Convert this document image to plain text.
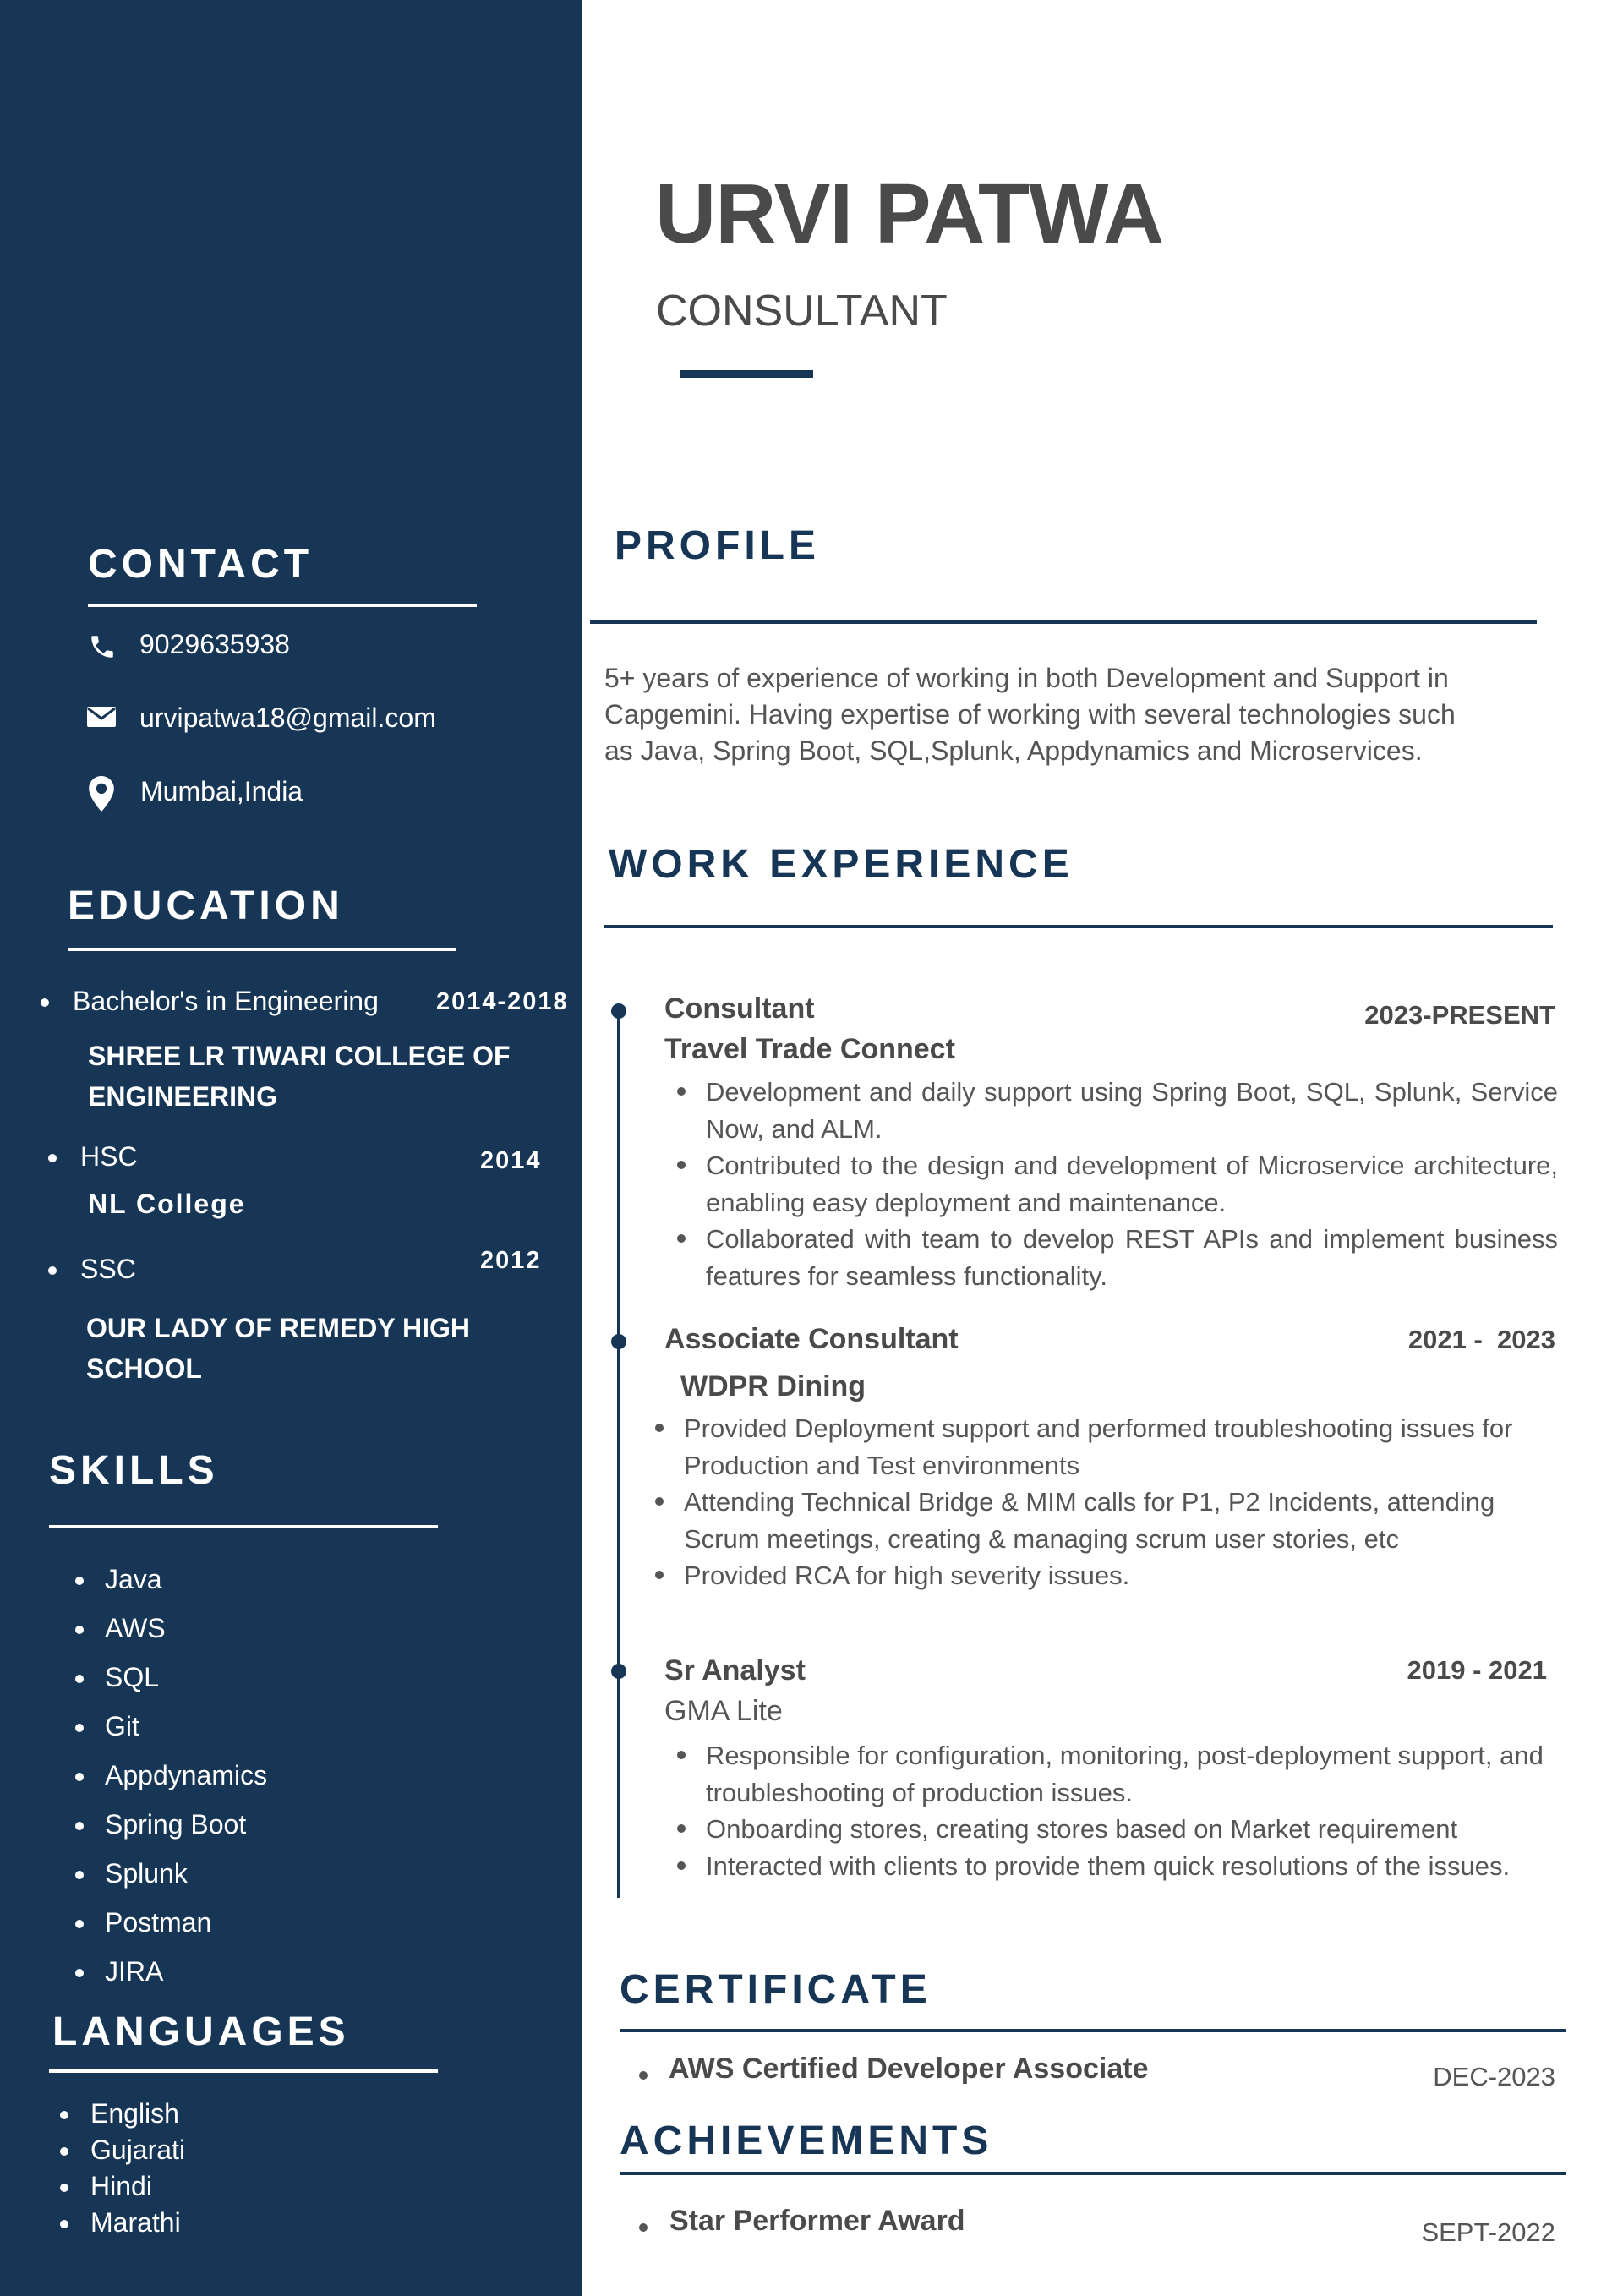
CONTACT
9029635938
urvipatwa18@gmail.com
Mumbai,India
EDUCATION
Bachelor's in Engineering 2014-2018
SHREE LR TIWARI COLLEGE OF
ENGINEERING
HSC	2014
NL College
SSC	2012
OUR LADY OF REMEDY HIGH
SCHOOL
SKILLS
Java
AWS
SQL
Git
Appdynamics
Spring Boot
Splunk
Postman
JIRA
LANGUAGES
English
Gujarati
Hindi
Marathi
URVI PATWA
CONSULTANT
PROFILE
5+ years of experience of working in both Development and Support in
Capgemini. Having expertise of working with several technologies such
as Java, Spring Boot, SQL,Splunk, Appdynamics and Microservices.
WORK EXPERIENCE
Consultant	2023-PRESENT
Travel Trade Connect
Development and daily support using Spring Boot, SQL, Splunk, Service Now, and ALM.
Contributed to the design and development of Microservice architecture, enabling easy deployment and maintenance.
Collaborated with team to develop REST APIs and implement business features for seamless functionality.
Associate Consultant	2021 -  2023
WDPR Dining
Provided Deployment support and performed troubleshooting issues for Production and Test environments
Attending Technical Bridge & MIM calls for P1, P2 Incidents, attending Scrum meetings, creating & managing scrum user stories, etc
Provided RCA for high severity issues.
Sr Analyst	2019 - 2021
GMA Lite
Responsible for configuration, monitoring, post-deployment support, and troubleshooting of production issues.
Onboarding stores, creating stores based on Market requirement
Interacted with clients to provide them quick resolutions of the issues.
CERTIFICATE
AWS Certified Developer Associate	DEC-2023
ACHIEVEMENTS
Star Performer Award	SEPT-2022
